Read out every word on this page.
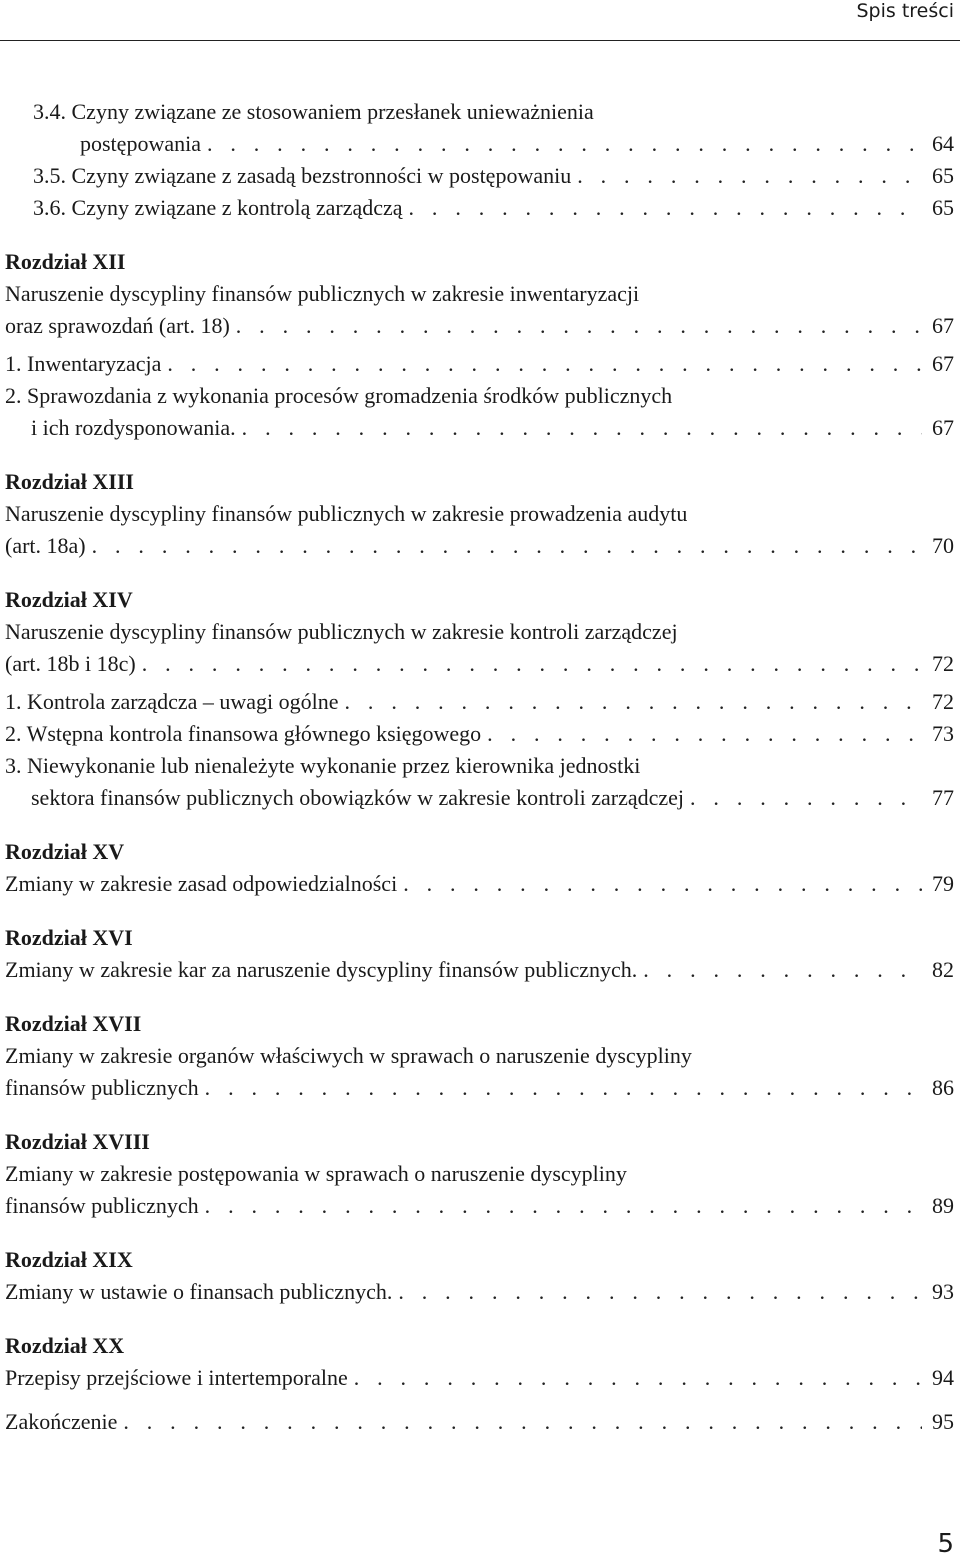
Spis treści
3.4. Czyny związane ze stosowaniem przesłanek unieważnienia
postępowania . . .	64
3.5. Czyny związane z zasadą bezstronności w postępowaniu . . .	65
3.6. Czyny związane z kontrolą zarządczą . . .	65
Rozdział XII
Naruszenie dyscypliny finansów publicznych w zakresie inwentaryzacji
oraz sprawozdań (art. 18) . . .	67
1. Inwentaryzacja . . .	67
2. Sprawozdania z wykonania procesów gromadzenia środków publicznych
i ich rozdysponowania. . . .	67
Rozdział XIII
Naruszenie dyscypliny finansów publicznych w zakresie prowadzenia audytu
(art. 18a) . . .	70
Rozdział XIV
Naruszenie dyscypliny finansów publicznych w zakresie kontroli zarządczej
(art. 18b i 18c) . . .	72
1. Kontrola zarządcza – uwagi ogólne . . .	72
2. Wstępna kontrola finansowa głównego księgowego . . .	73
3. Niewykonanie lub nienależyte wykonanie przez kierownika jednostki
sektora finansów publicznych obowiązków w zakresie kontroli zarządczej . . .	77
Rozdział XV
Zmiany w zakresie zasad odpowiedzialności . . .	79
Rozdział XVI
Zmiany w zakresie kar za naruszenie dyscypliny finansów publicznych. . . .	82
Rozdział XVII
Zmiany w zakresie organów właściwych w sprawach o naruszenie dyscypliny
finansów publicznych . . .	86
Rozdział XVIII
Zmiany w zakresie postępowania w sprawach o naruszenie dyscypliny
finansów publicznych . . .	89
Rozdział XIX
Zmiany w ustawie o finansach publicznych. . . .	93
Rozdział XX
Przepisy przejściowe i intertemporalne . . .	94
Zakończenie . . .	95
5
